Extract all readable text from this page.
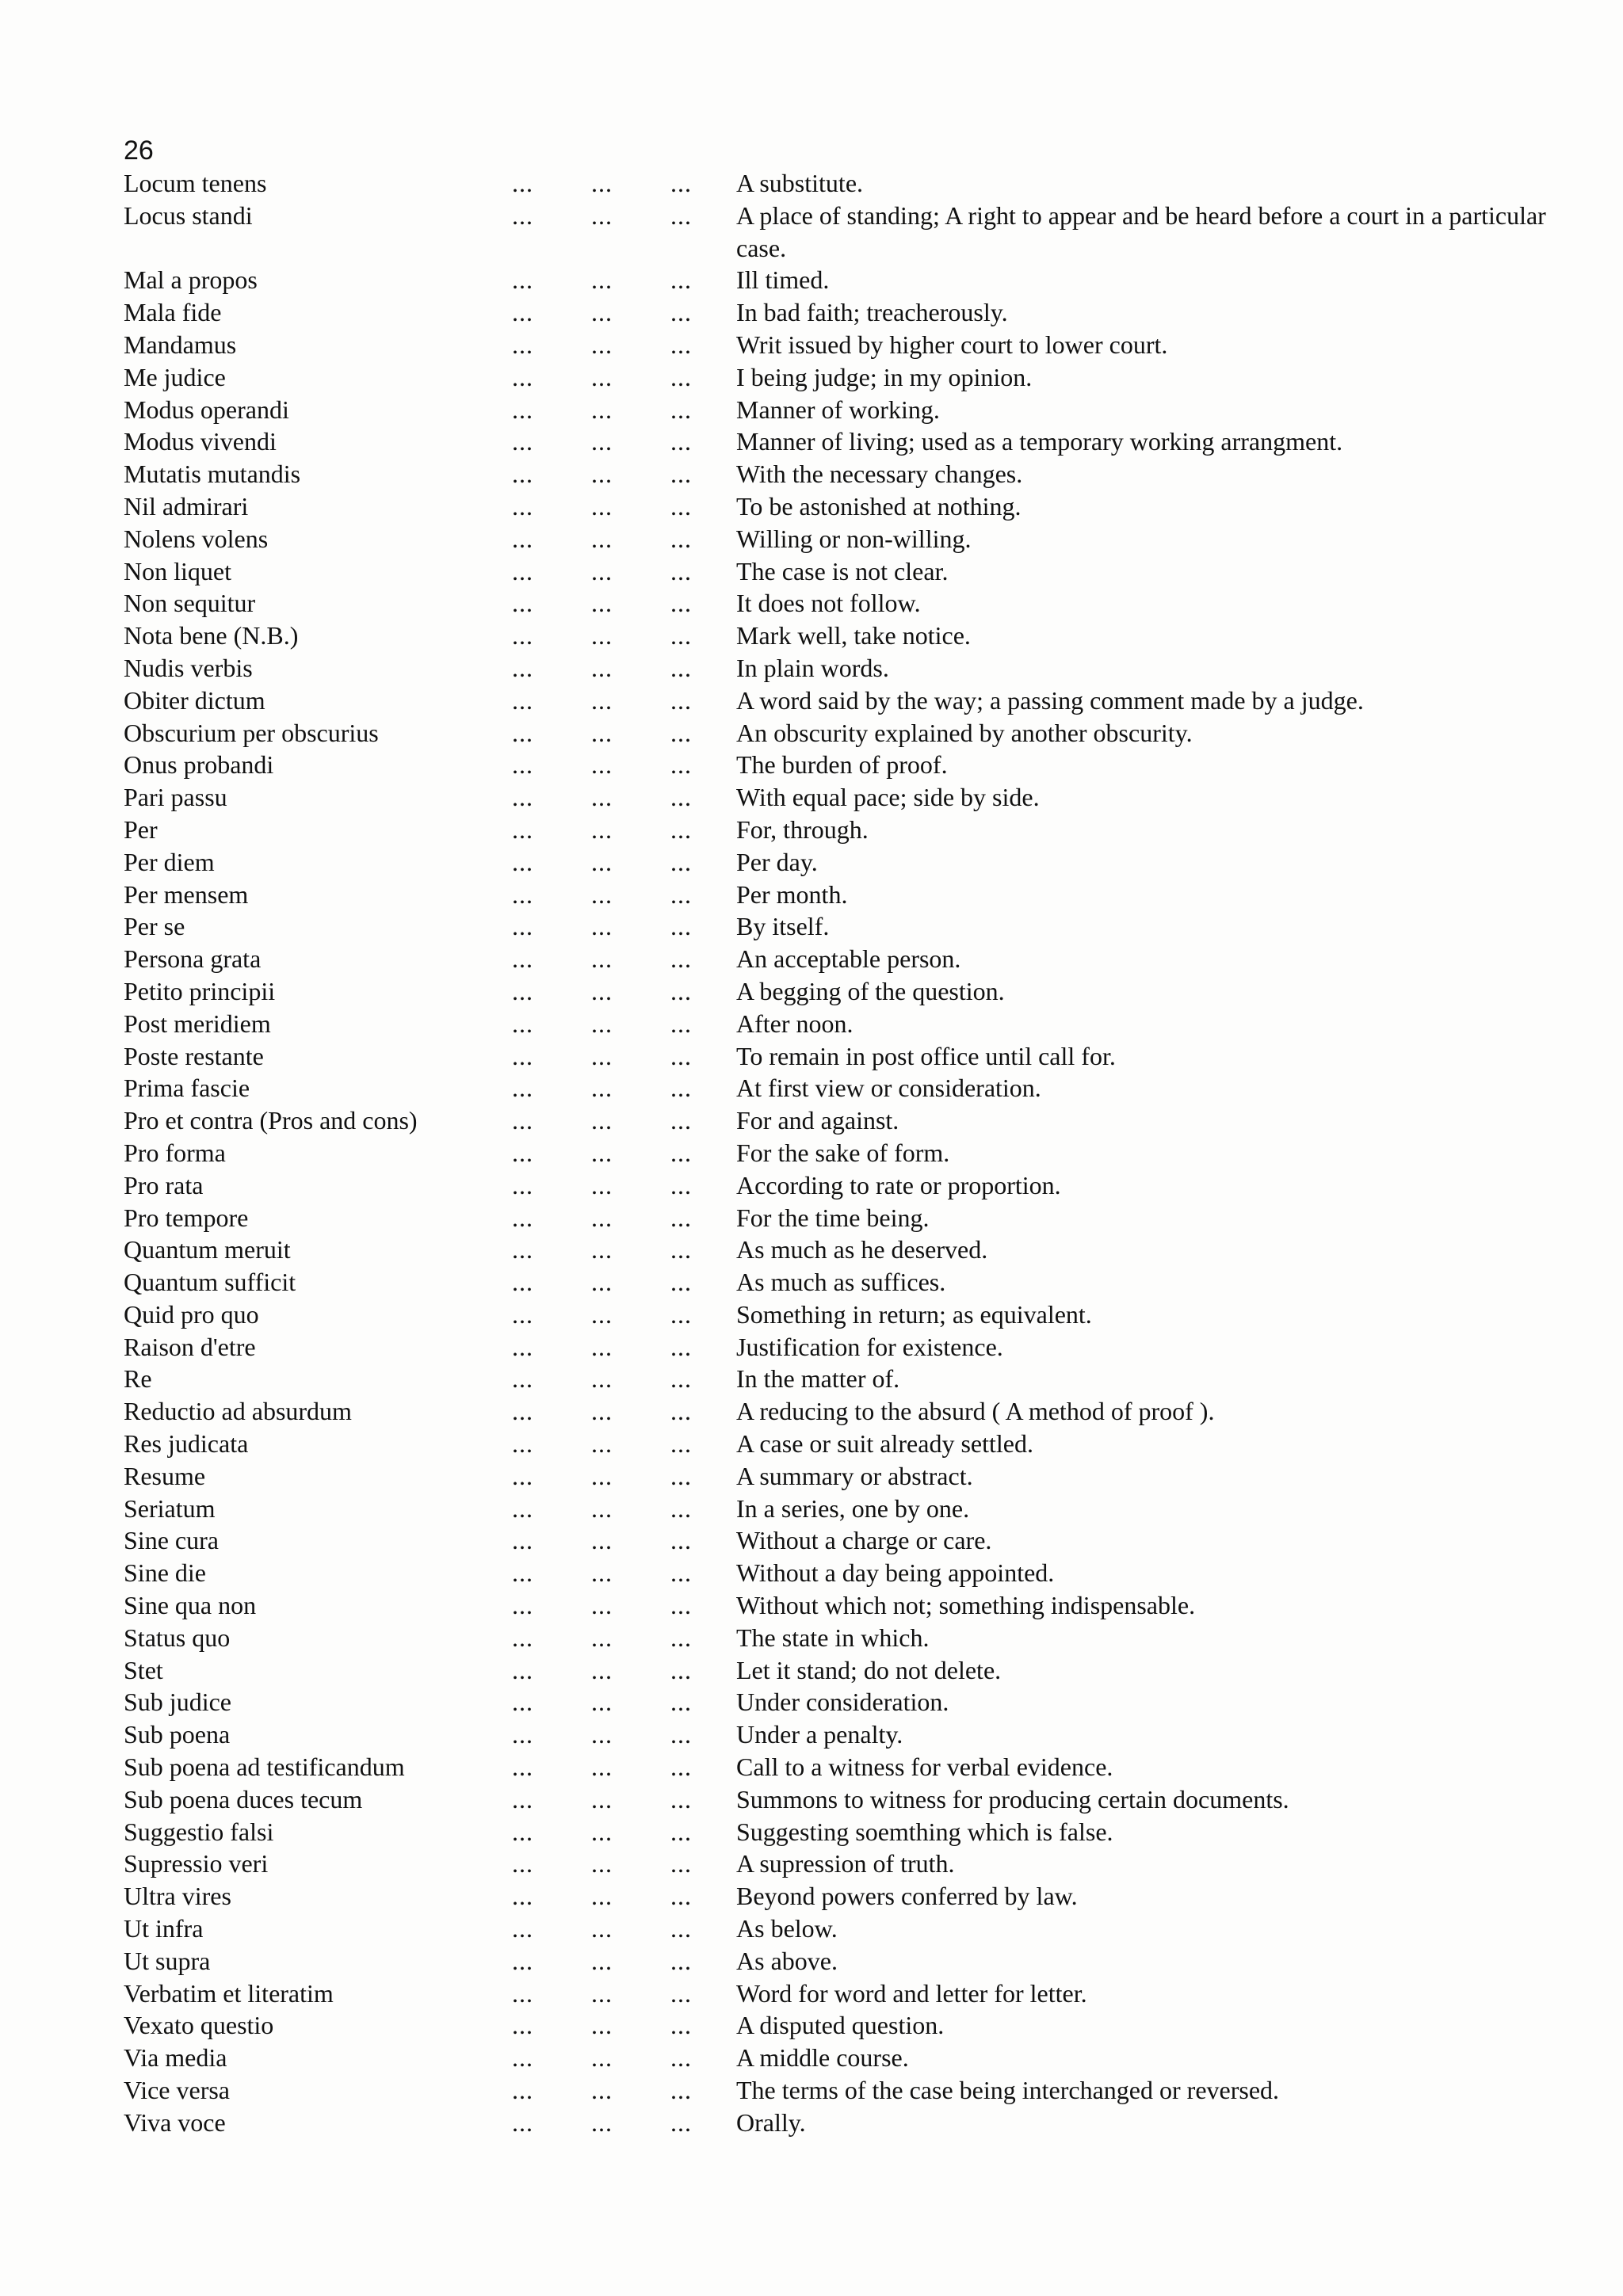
26
Locum tenens	...	...	...	A substitute.
Locus standi	...	...	...	A place of standing; A right to appear and be heard before a court in a particular case.
Mal a propos	...	...	...	Ill timed.
Mala fide	...	...	...	In bad faith; treacherously.
Mandamus	...	...	...	Writ issued by higher court to lower court.
Me judice	...	...	...	I being judge; in my opinion.
Modus operandi	...	...	...	Manner of working.
Modus vivendi	...	...	...	Manner of living; used as a temporary working arrangment.
Mutatis mutandis	...	...	...	With the necessary changes.
Nil admirari	...	...	...	To be astonished at nothing.
Nolens volens	...	...	...	Willing or non-willing.
Non liquet	...	...	...	The case is not clear.
Non sequitur	...	...	...	It does not follow.
Nota bene (N.B.)	...	...	...	Mark well, take notice.
Nudis verbis	...	...	...	In plain words.
Obiter dictum	...	...	...	A word said by the way; a passing comment made by a judge.
Obscurium per obscurius	...	...	...	An obscurity explained by another obscurity.
Onus probandi	...	...	...	The burden of proof.
Pari passu	...	...	...	With equal pace; side by side.
Per	...	...	...	For, through.
Per diem	...	...	...	Per day.
Per mensem	...	...	...	Per month.
Per se	...	...	...	By itself.
Persona grata	...	...	...	An acceptable person.
Petito principii	...	...	...	A begging of the question.
Post meridiem	...	...	...	After noon.
Poste restante	...	...	...	To remain in post office until call for.
Prima fascie	...	...	...	At first view or consideration.
Pro et contra (Pros and cons)	...	...	...	For and against.
Pro forma	...	...	...	For the sake of form.
Pro rata	...	...	...	According to rate or proportion.
Pro tempore	...	...	...	For the time being.
Quantum meruit	...	...	...	As much as he deserved.
Quantum sufficit	...	...	...	As much as suffices.
Quid pro quo	...	...	...	Something in return; as equivalent.
Raison d'etre	...	...	...	Justification for existence.
Re	...	...	...	In the matter of.
Reductio ad absurdum	...	...	...	A reducing to the absurd ( A method of proof ).
Res judicata	...	...	...	A case or suit already settled.
Resume	...	...	...	A summary or abstract.
Seriatum	...	...	...	In a series, one by one.
Sine cura	...	...	...	Without a charge or care.
Sine die	...	...	...	Without a day being appointed.
Sine qua non	...	...	...	Without which not; something indispensable.
Status quo	...	...	...	The state in which.
Stet	...	...	...	Let it stand; do not delete.
Sub judice	...	...	...	Under consideration.
Sub poena	...	...	...	Under a penalty.
Sub poena ad testificandum	...	...	...	Call to a witness for verbal evidence.
Sub poena duces tecum	...	...	...	Summons to witness for producing certain documents.
Suggestio falsi	...	...	...	Suggesting soemthing which is false.
Supressio veri	...	...	...	A supression of truth.
Ultra vires	...	...	...	Beyond powers conferred by law.
Ut infra	...	...	...	As below.
Ut supra	...	...	...	As above.
Verbatim et literatim	...	...	...	Word for word and letter for letter.
Vexato questio	...	...	...	A disputed question.
Via media	...	...	...	A middle course.
Vice versa	...	...	...	The terms of the case being interchanged or reversed.
Viva voce	...	...	...	Orally.
